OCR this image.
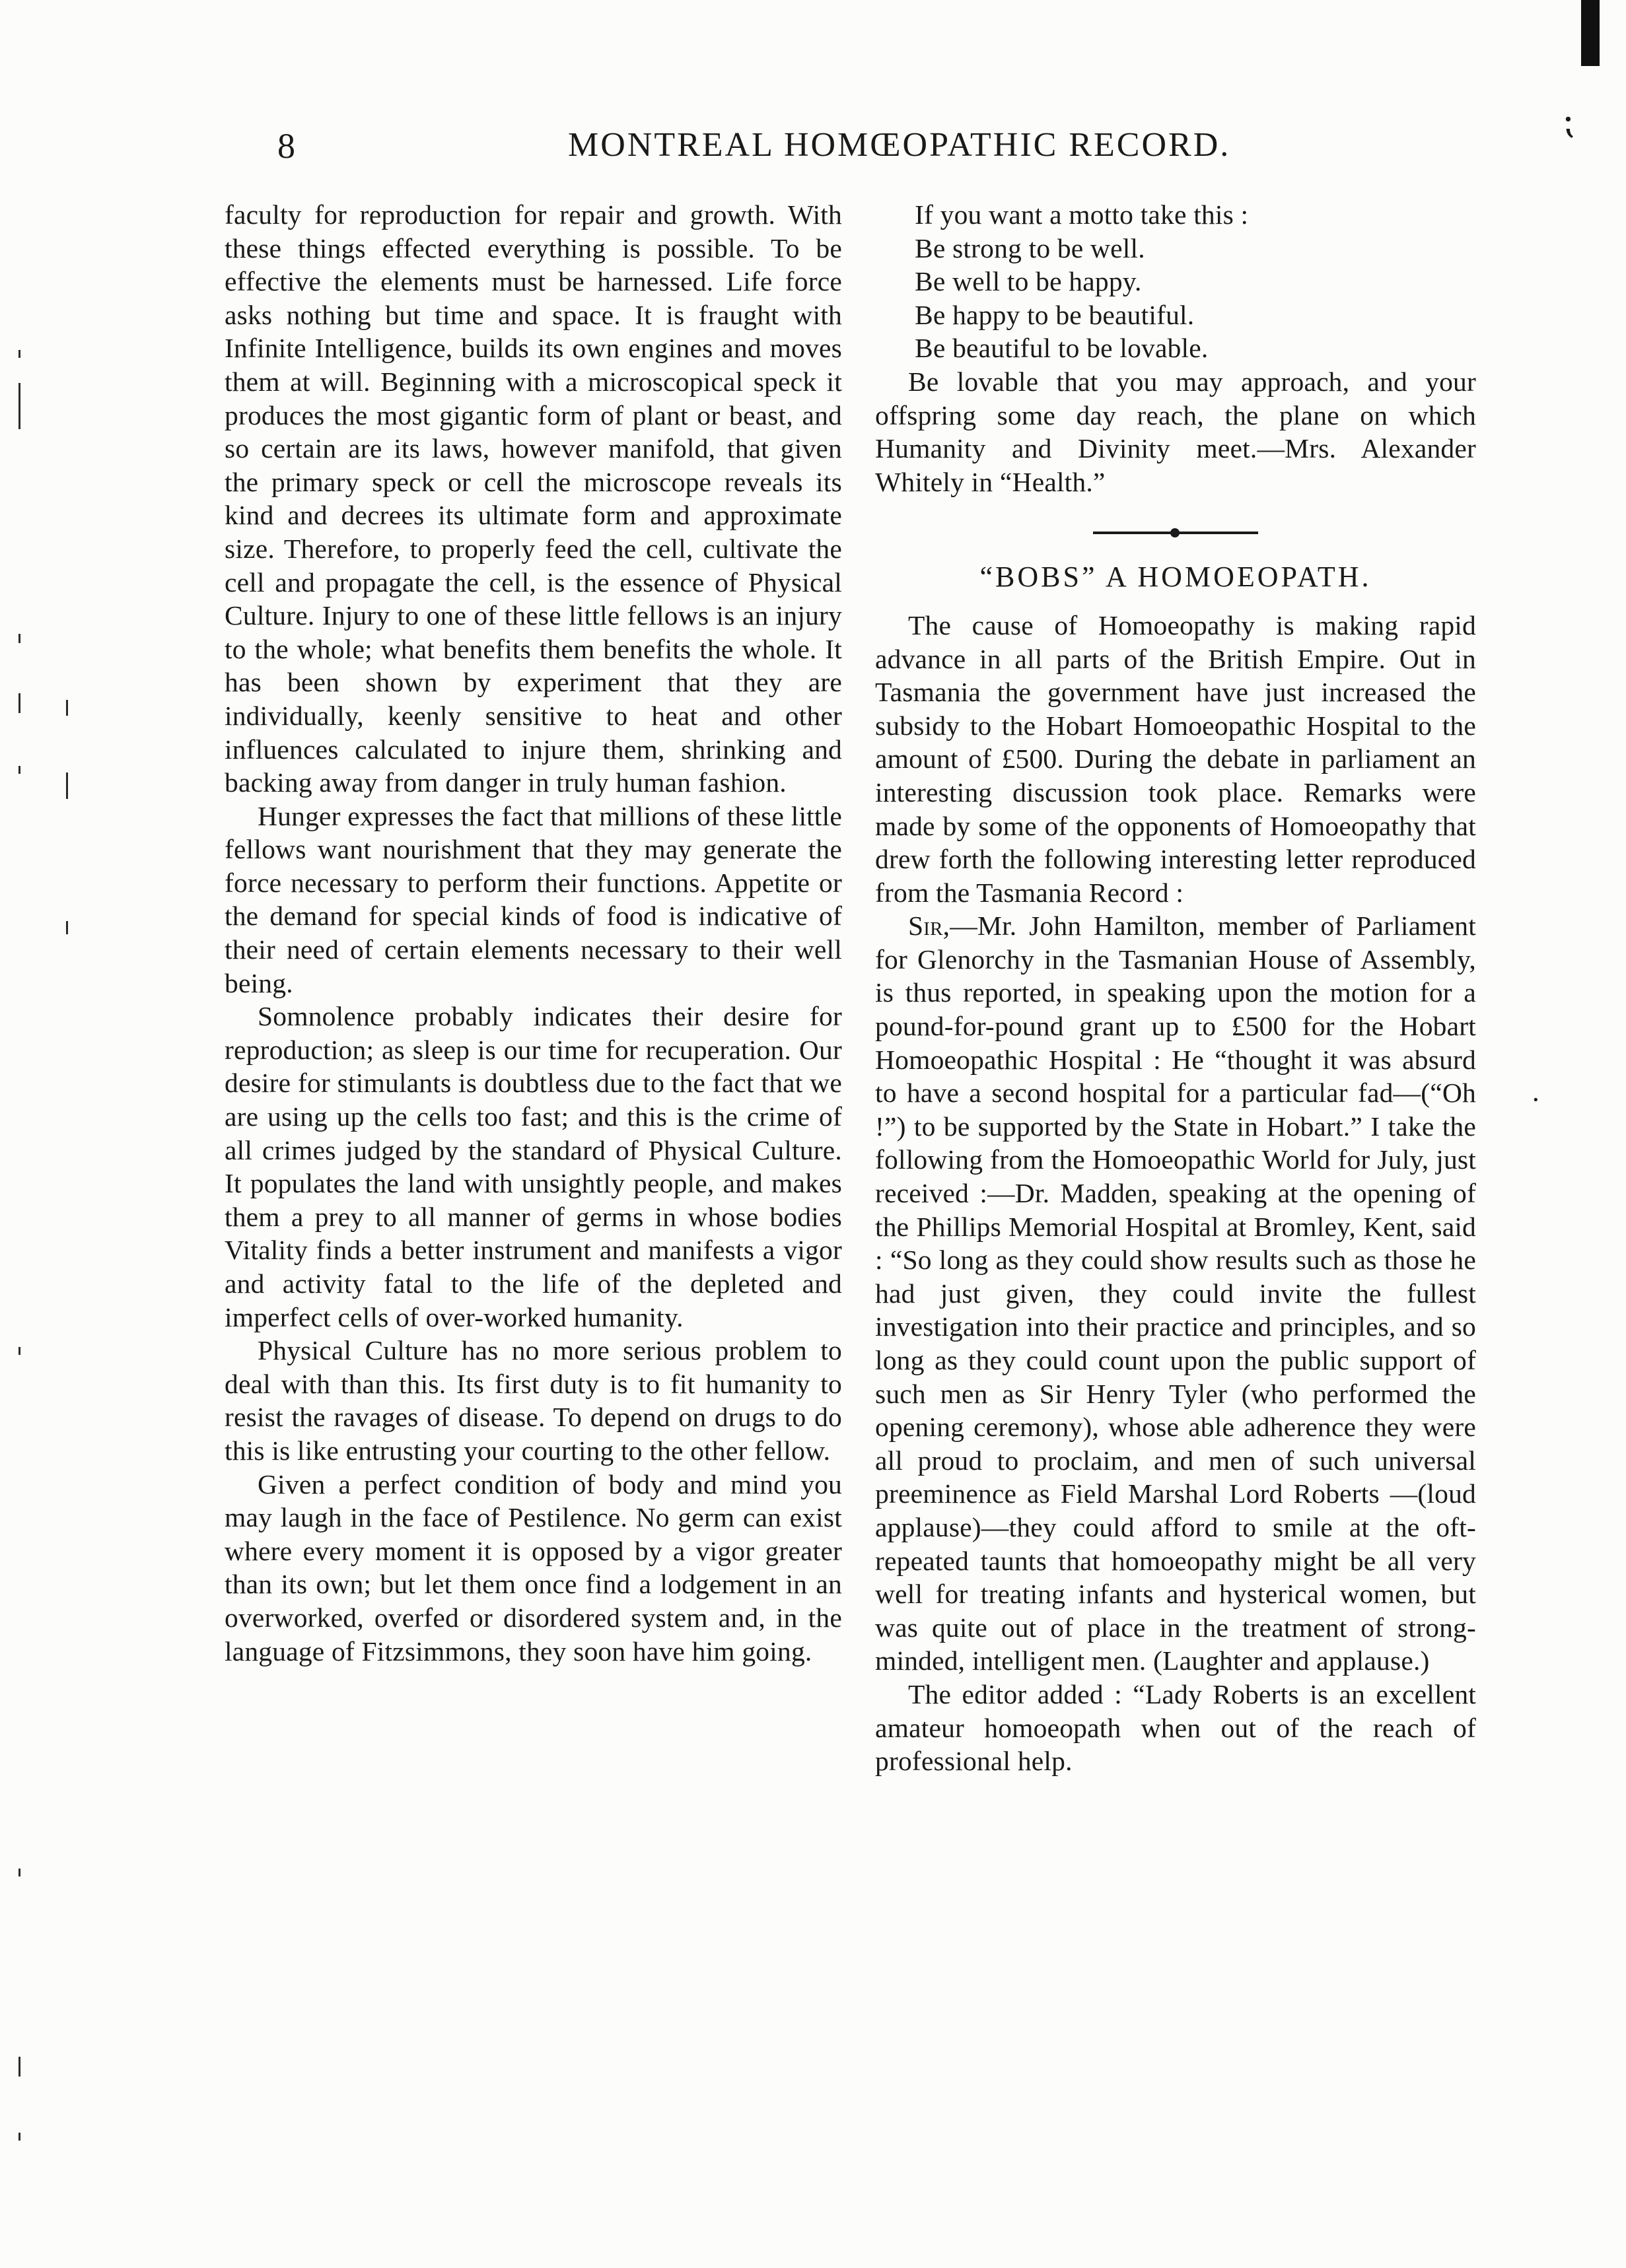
⁏
8	MONTREAL HOMŒOPATHIC RECORD.
·

faculty for reproduction for repair and growth. With these things effected everything is possible. To be effective the elements must be harnessed. Life force asks nothing but time and space. It is fraught with Infinite Intelligence, builds its own engines and moves them at will. Beginning with a microscopical speck it produces the most gigantic form of plant or beast, and so certain are its laws, however manifold, that given the primary speck or cell the microscope reveals its kind and decrees its ultimate form and approximate size. Therefore, to properly feed the cell, cultivate the cell and propagate the cell, is the essence of Physical Culture. Injury to one of these little fellows is an injury to the whole; what benefits them benefits the whole. It has been shown by experiment that they are individually, keenly sensitive to heat and other influences calculated to injure them, shrinking and backing away from danger in truly human fashion.

Hunger expresses the fact that millions of these little fellows want nourishment that they may generate the force necessary to perform their functions. Appetite or the demand for special kinds of food is indicative of their need of certain elements necessary to their well being.

Somnolence probably indicates their desire for reproduction; as sleep is our time for recuperation. Our desire for stimulants is doubtless due to the fact that we are using up the cells too fast; and this is the crime of all crimes judged by the standard of Physical Culture. It populates the land with unsightly people, and makes them a prey to all manner of germs in whose bodies Vitality finds a better instrument and manifests a vigor and activity fatal to the life of the depleted and imperfect cells of over-worked humanity.

Physical Culture has no more serious problem to deal with than this. Its first duty is to fit humanity to resist the ravages of disease. To depend on drugs to do this is like entrusting your courting to the other fellow.

Given a perfect condition of body and mind you may laugh in the face of Pestilence. No germ can exist where every moment it is opposed by a vigor greater than its own; but let them once find a lodgement in an overworked, overfed or disordered system and, in the language of Fitzsimmons, they soon have him going.

If you want a motto take this :
Be strong to be well.
Be well to be happy.
Be happy to be beautiful.
Be beautiful to be lovable.

Be lovable that you may approach, and your offspring some day reach, the plane on which Humanity and Divinity meet.—Mrs. Alexander Whitely in “Health.”

“BOBS” A HOMOEOPATH.

The cause of Homoeopathy is making rapid advance in all parts of the British Empire. Out in Tasmania the government have just increased the subsidy to the Hobart Homoeopathic Hospital to the amount of £500. During the debate in parliament an interesting discussion took place. Remarks were made by some of the opponents of Homoeopathy that drew forth the following interesting letter reproduced from the Tasmania Record :

Sir,—Mr. John Hamilton, member of Parliament for Glenorchy in the Tasmanian House of Assembly, is thus reported, in speaking upon the motion for a pound-for-pound grant up to £500 for the Hobart Homoeopathic Hospital : He “thought it was absurd to have a second hospital for a particular fad—(“Oh !”) to be supported by the State in Hobart.” I take the following from the Homoeopathic World for July, just received :—Dr. Madden, speaking at the opening of the Phillips Memorial Hospital at Bromley, Kent, said : “So long as they could show results such as those he had just given, they could invite the fullest investigation into their practice and principles, and so long as they could count upon the public support of such men as Sir Henry Tyler (who performed the opening ceremony), whose able adherence they were all proud to proclaim, and men of such universal preeminence as Field Marshal Lord Roberts —(loud applause)—they could afford to smile at the oft-repeated taunts that homoeopathy might be all very well for treating infants and hysterical women, but was quite out of place in the treatment of strong-minded, intelligent men. (Laughter and applause.)

The editor added : “Lady Roberts is an excellent amateur homoeopath when out of the reach of professional help.
